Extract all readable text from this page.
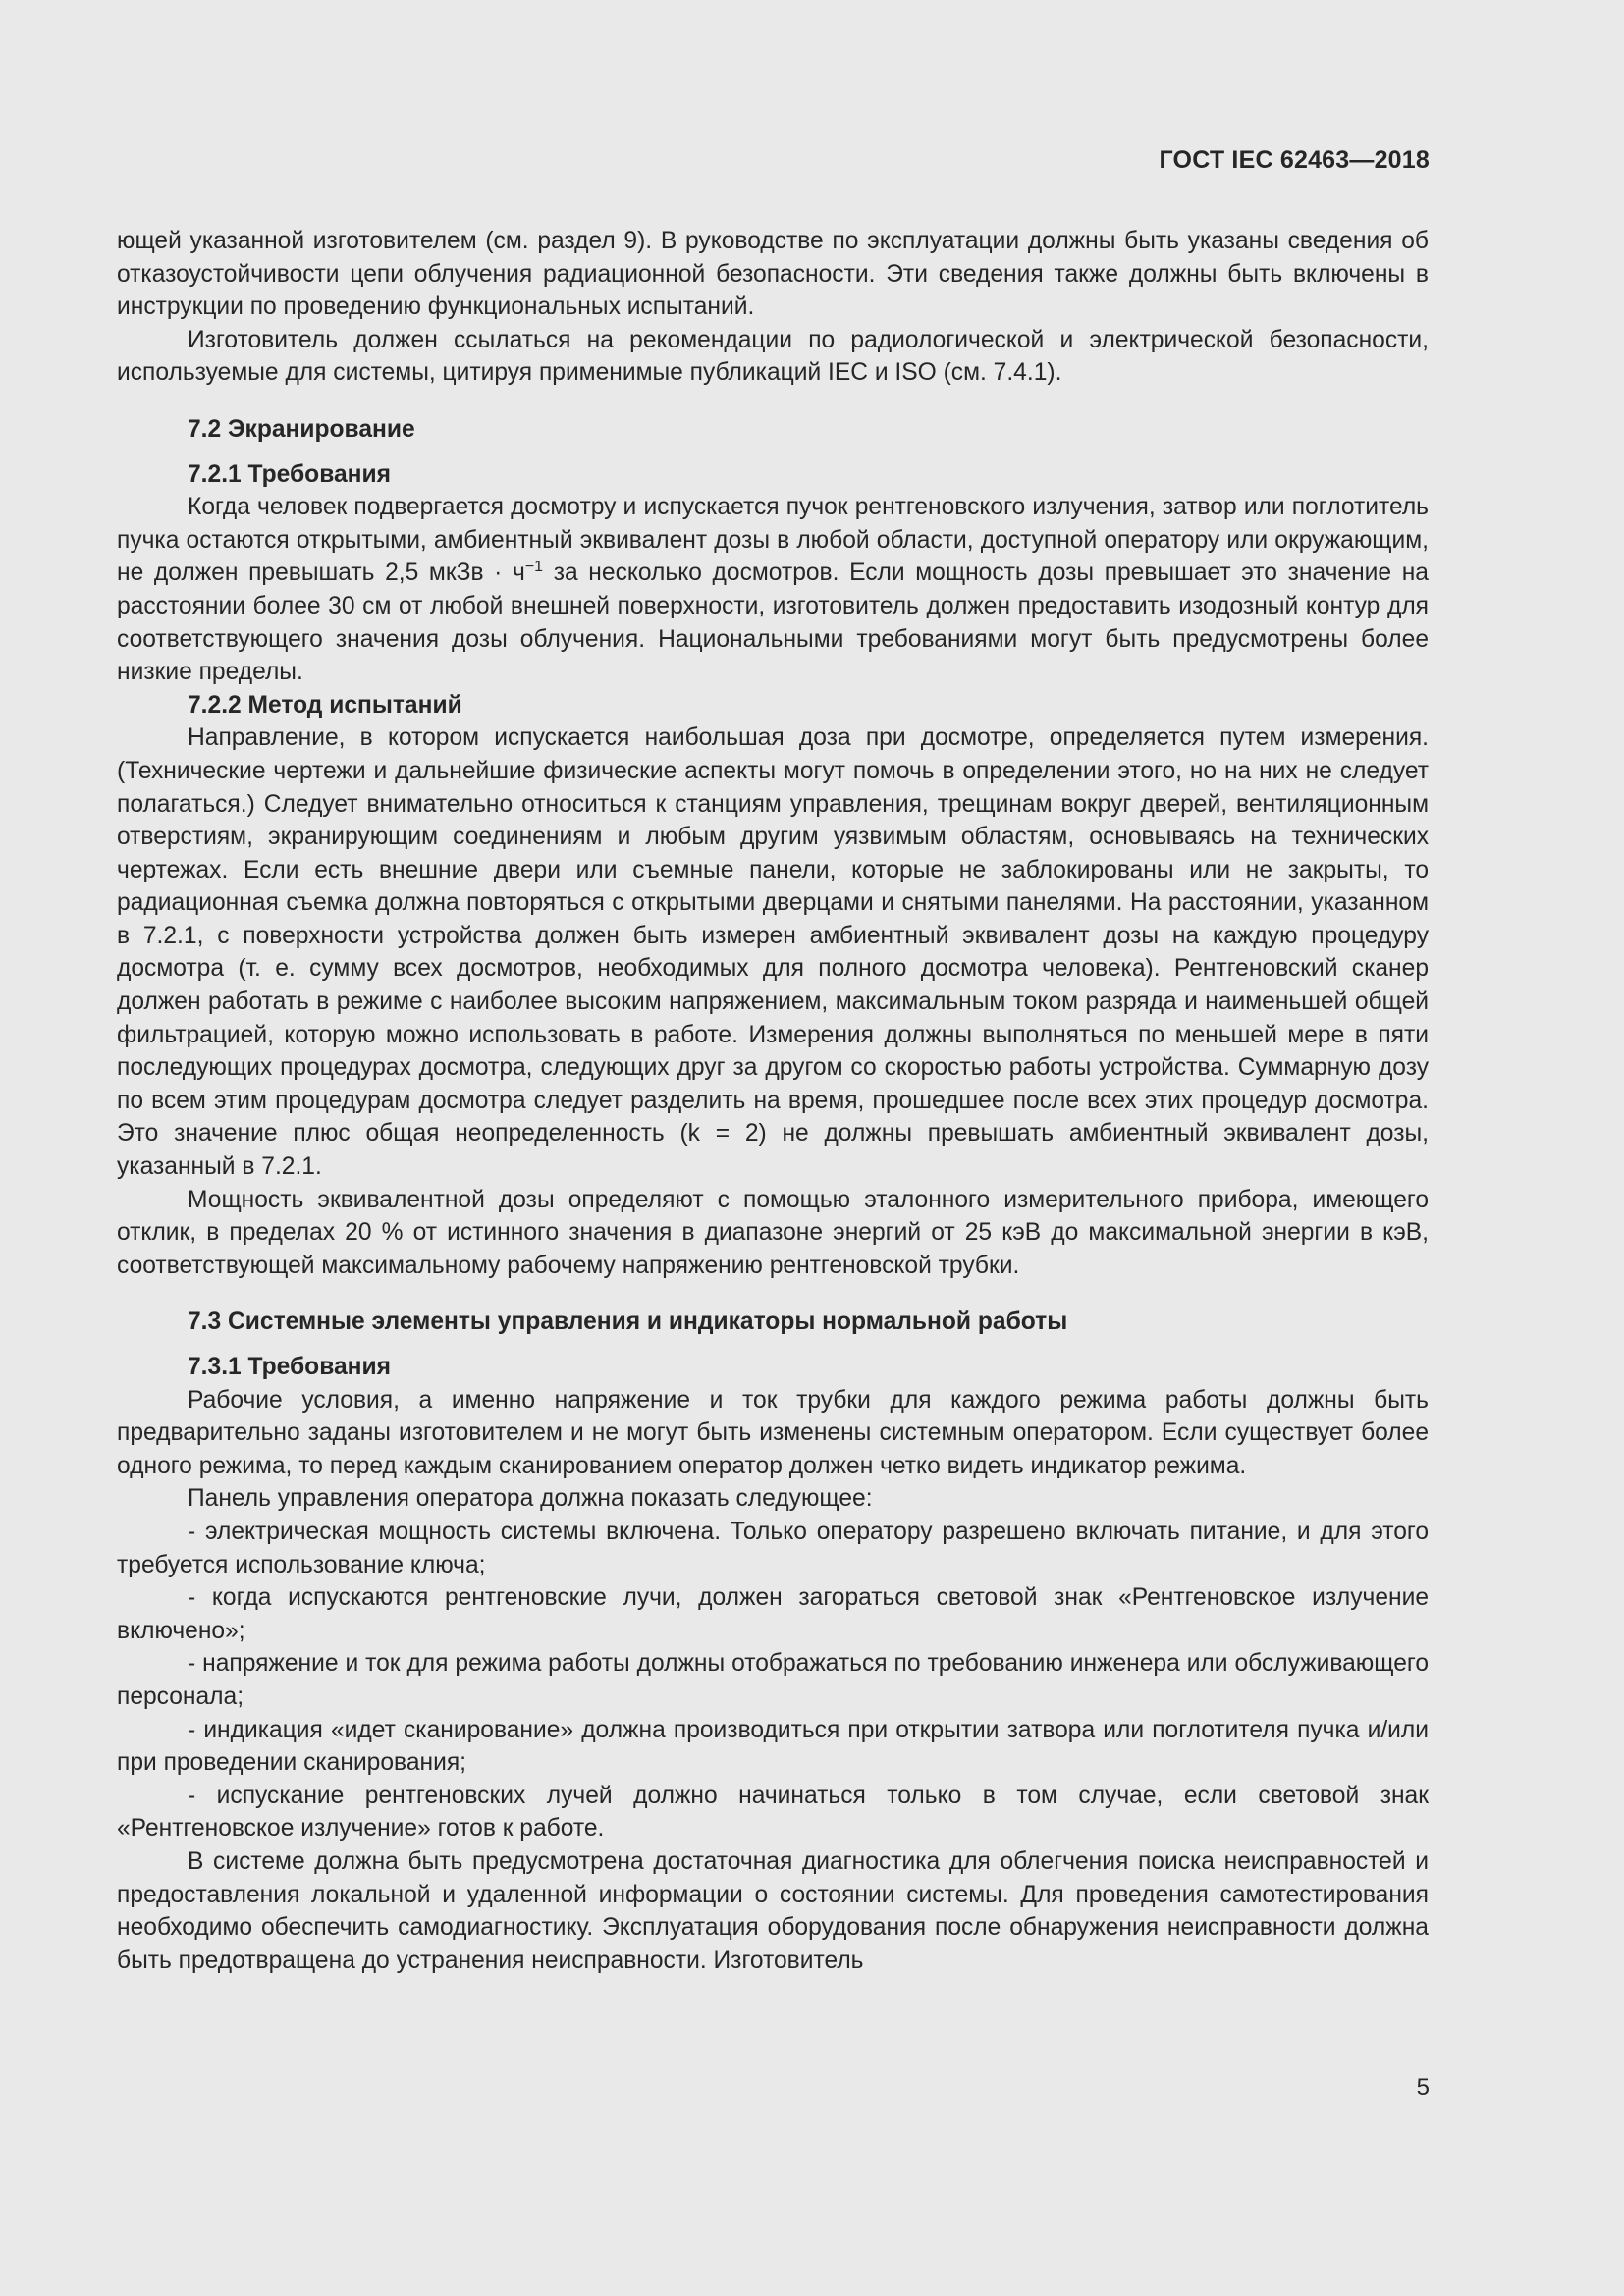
ГОСТ IEC 62463—2018

ющей указанной изготовителем (см. раздел 9). В руководстве по эксплуатации должны быть указаны сведения об отказоустойчивости цепи облучения радиационной безопасности. Эти сведения также должны быть включены в инструкции по проведению функциональных испытаний.

Изготовитель должен ссылаться на рекомендации по радиологической и электрической безопасности, используемые для системы, цитируя применимые публикаций IEC и ISO (см. 7.4.1).

7.2 Экранирование
7.2.1 Требования

Когда человек подвергается досмотру и испускается пучок рентгеновского излучения, затвор или поглотитель пучка остаются открытыми, амбиентный эквивалент дозы в любой области, доступной оператору или окружающим, не должен превышать 2,5 мкЗв · $ч^{-1}$ за несколько досмотров. Если мощность дозы превышает это значение на расстоянии более 30 см от любой внешней поверхности, изготовитель должен предоставить изодозный контур для соответствующего значения дозы облучения. Национальными требованиями могут быть предусмотрены более низкие пределы.

7.2.2 Метод испытаний

Направление, в котором испускается наибольшая доза при досмотре, определяется путем измерения. (Технические чертежи и дальнейшие физические аспекты могут помочь в определении этого, но на них не следует полагаться.) Следует внимательно относиться к станциям управления, трещинам вокруг дверей, вентиляционным отверстиям, экранирующим соединениям и любым другим уязвимым областям, основываясь на технических чертежах. Если есть внешние двери или съемные панели, которые не заблокированы или не закрыты, то радиационная съемка должна повторяться с открытыми дверцами и снятыми панелями. На расстоянии, указанном в 7.2.1, с поверхности устройства должен быть измерен амбиентный эквивалент дозы на каждую процедуру досмотра (т. е. сумму всех досмотров, необходимых для полного досмотра человека). Рентгеновский сканер должен работать в режиме с наиболее высоким напряжением, максимальным током разряда и наименьшей общей фильтрацией, которую можно использовать в работе. Измерения должны выполняться по меньшей мере в пяти последующих процедурах досмотра, следующих друг за другом со скоростью работы устройства. Суммарную дозу по всем этим процедурам досмотра следует разделить на время, прошедшее после всех этих процедур досмотра. Это значение плюс общая неопределенность (k = 2) не должны превышать амбиентный эквивалент дозы, указанный в 7.2.1.

Мощность эквивалентной дозы определяют с помощью эталонного измерительного прибора, имеющего отклик, в пределах 20 % от истинного значения в диапазоне энергий от 25 кэВ до максимальной энергии в кэВ, соответствующей максимальному рабочему напряжению рентгеновской трубки.

7.3 Системные элементы управления и индикаторы нормальной работы
7.3.1 Требования

Рабочие условия, а именно напряжение и ток трубки для каждого режима работы должны быть предварительно заданы изготовителем и не могут быть изменены системным оператором. Если существует более одного режима, то перед каждым сканированием оператор должен четко видеть индикатор режима.

Панель управления оператора должна показать следующее:

- электрическая мощность системы включена. Только оператору разрешено включать питание, и для этого требуется использование ключа;

- когда испускаются рентгеновские лучи, должен загораться световой знак «Рентгеновское излучение включено»;

- напряжение и ток для режима работы должны отображаться по требованию инженера или обслуживающего персонала;

- индикация «идет сканирование» должна производиться при открытии затвора или поглотителя пучка и/или при проведении сканирования;

- испускание рентгеновских лучей должно начинаться только в том случае, если световой знак «Рентгеновское излучение» готов к работе.

В системе должна быть предусмотрена достаточная диагностика для облегчения поиска неисправностей и предоставления локальной и удаленной информации о состоянии системы. Для проведения самотестирования необходимо обеспечить самодиагностику. Эксплуатация оборудования после обнаружения неисправности должна быть предотвращена до устранения неисправности. Изготовитель

5
